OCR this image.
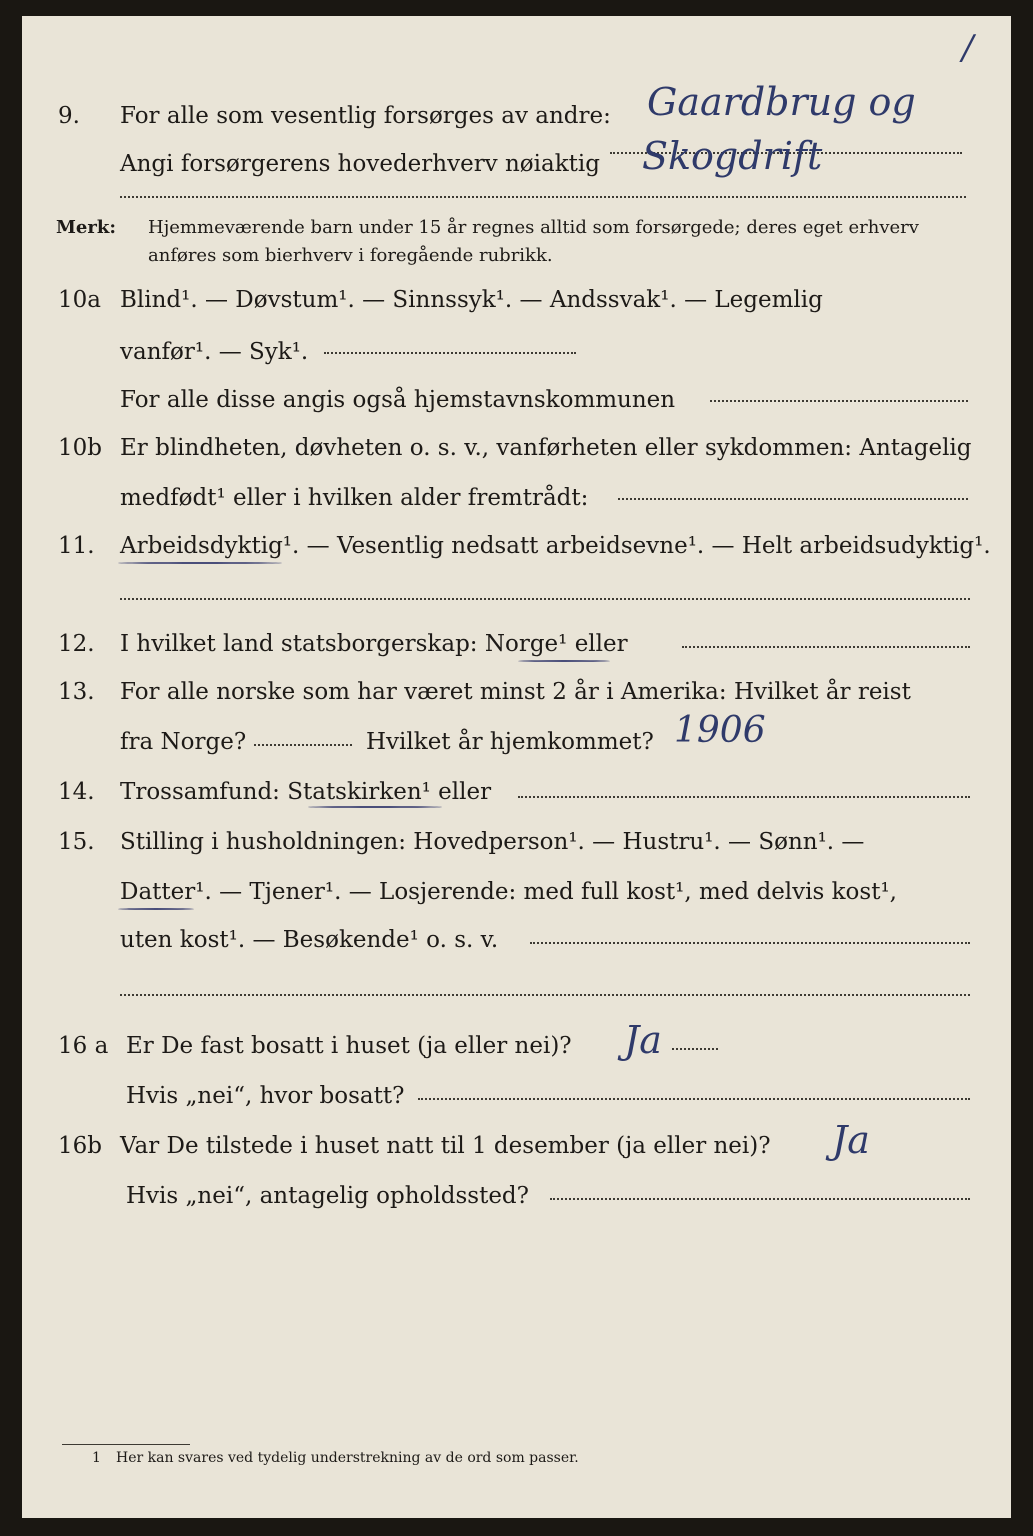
/
9. For alle som vesentlig forsørges av andre: Gaardbrug og
Angi forsørgerens hovederhverv nøiaktig Skogdrift
Merk: Hjemmeværende barn under 15 år regnes alltid som forsørgede; deres eget erhverv
anføres som bierhverv i foregående rubrikk.
10a Blind¹. — Døvstum¹. — Sinnssyk¹. — Andssvak¹. — Legemlig
vanfør¹. — Syk¹.
For alle disse angis også hjemstavnskommunen
10b Er blindheten, døvheten o. s. v., vanførheten eller sykdommen: Antagelig
medfødt¹ eller i hvilken alder fremtrådt:
11. Arbeidsdyktig¹. — Vesentlig nedsatt arbeidsevne¹. — Helt arbeidsudyktig¹.
12. I hvilket land statsborgerskap: Norge¹ eller
13. For alle norske som har været minst 2 år i Amerika: Hvilket år reist
fra Norge?	Hvilket år hjemkommet? 1906
14. Trossamfund: Statskirken¹ eller
15. Stilling i husholdningen: Hovedperson¹. — Hustru¹. — Sønn¹. —
Datter¹. — Tjener¹. — Losjerende: med full kost¹, med delvis kost¹,
uten kost¹. — Besøkende¹ o. s. v.
16 a Er De fast bosatt i huset (ja eller nei)? Ja
Hvis „nei“, hvor bosatt?
16b Var De tilstede i huset natt til 1 desember (ja eller nei)? Ja
Hvis „nei“, antagelig opholdssted?
1 Her kan svares ved tydelig understrekning av de ord som passer.
